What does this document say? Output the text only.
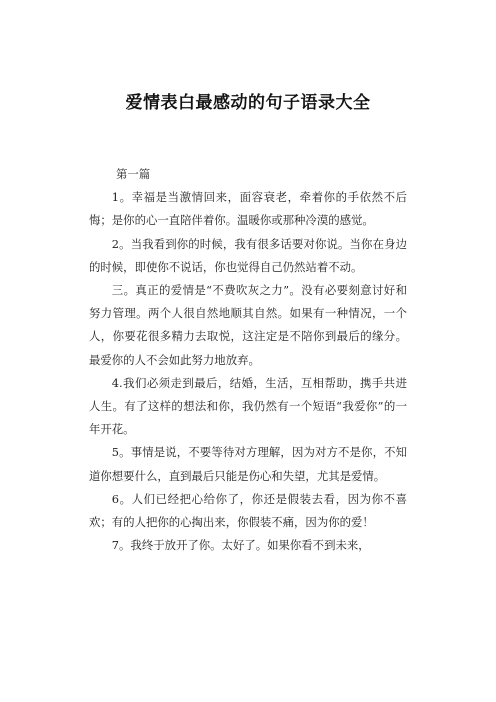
爱情表白最感动的句子语录大全

第一篇

1。幸福是当激情回来，面容衰老，牵着你的手依然不后悔；是你的心一直陪伴着你。温暖你或那种冷漠的感觉。

2。当我看到你的时候，我有很多话要对你说。当你在身边的时候，即使你不说话，你也觉得自己仍然站着不动。

三。真正的爱情是“不费吹灰之力”。没有必要刻意讨好和努力管理。两个人很自然地顺其自然。如果有一种情况，一个人，你要花很多精力去取悦，这注定是不陪你到最后的缘分。最爱你的人不会如此努力地放弃。

4.我们必须走到最后，结婚，生活，互相帮助，携手共进人生。有了这样的想法和你，我仍然有一个短语“我爱你”的一年开花。

5。事情是说，不要等待对方理解，因为对方不是你，不知道你想要什么，直到最后只能是伤心和失望，尤其是爱情。

6。人们已经把心给你了，你还是假装去看，因为你不喜欢；有的人把你的心掏出来，你假装不痛，因为你的爱！

7。我终于放开了你。太好了。如果你看不到未来，
